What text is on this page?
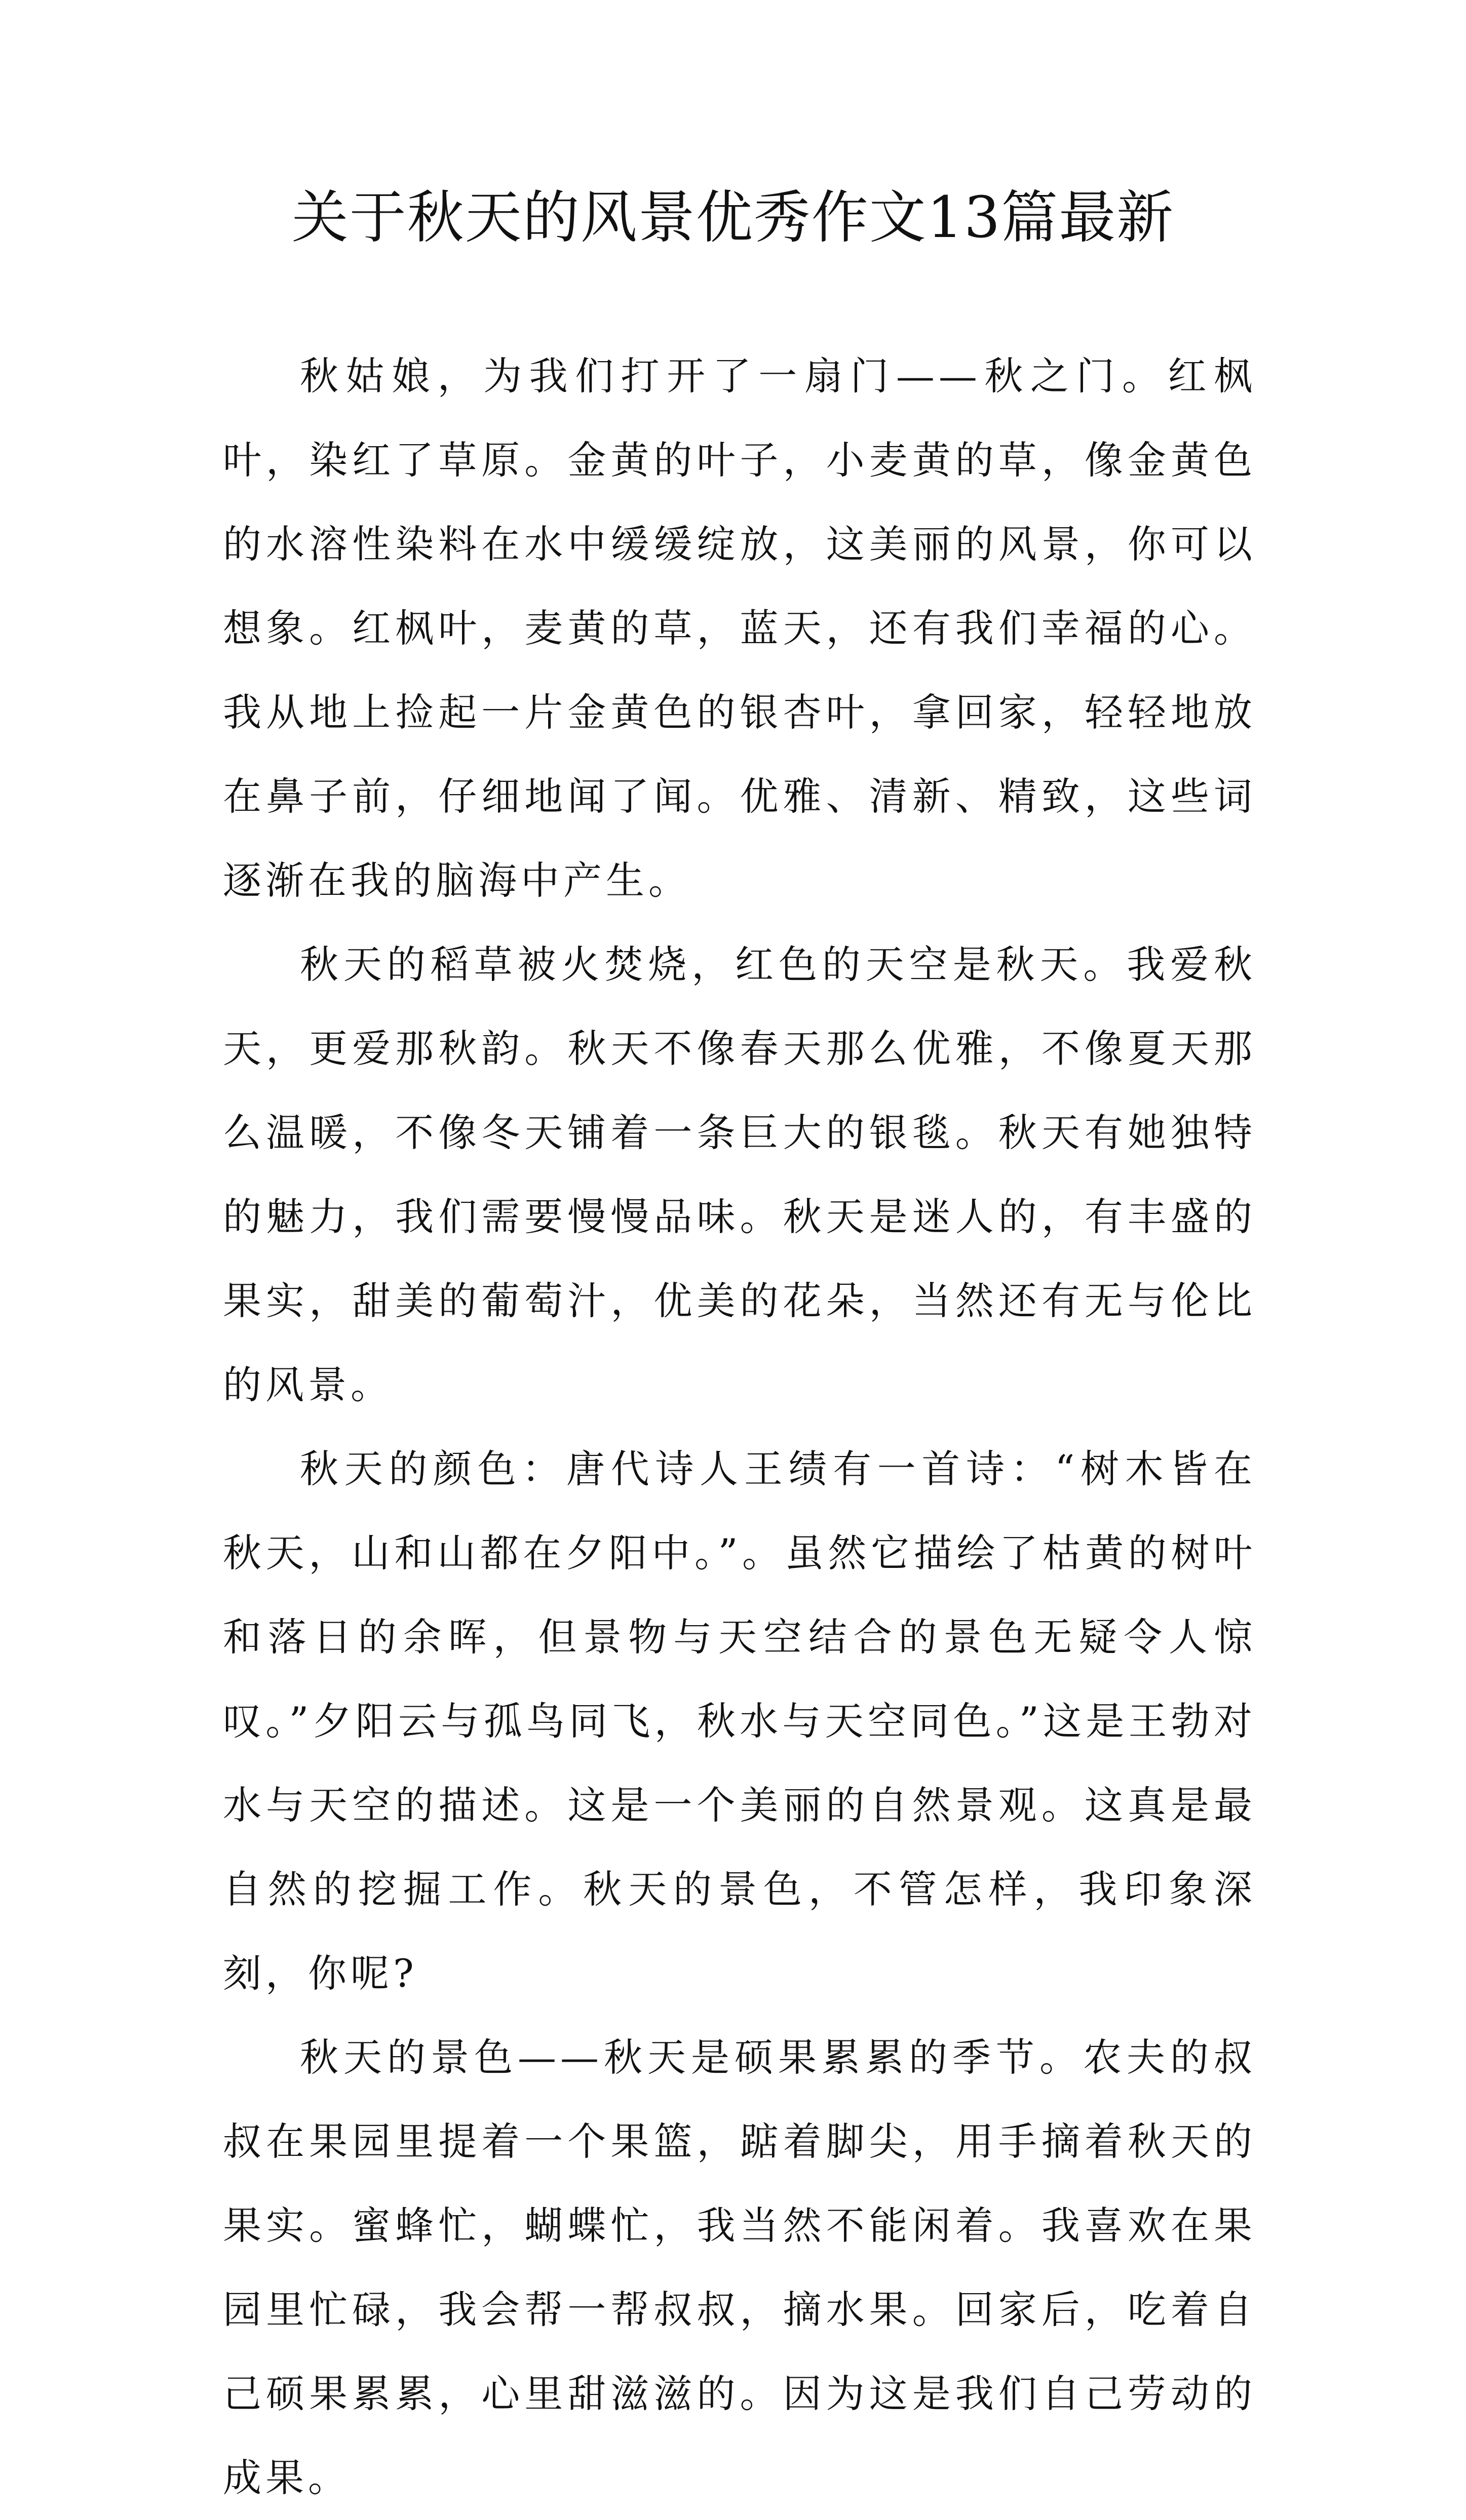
关于秋天的风景优秀作文13篇最新

秋姑娘，为我们打开了一扇门——秋之门。红枫叶，染红了草原。金黄的叶子，小麦黄的草，像金黄色的水溶性染料在水中缓缓绽放，这美丽的风景，你可以想象。红枫叶，麦黄的草，蓝天，还有我们幸福的心。我从地上捡起一片金黄色的银杏叶，拿回家，轻轻地放在鼻子前，仔细地闻了闻。优雅、清新、精致，这些词逐渐在我的脑海中产生。

秋天的稻草被火焚烧，红色的天空是秋天。我爱秋天，更爱那秋韵。秋天不像春天那么优雅，不像夏天那么温暖，不像冬天铺着一条巨大的银毯。秋天有她独特的魅力，我们需要慢慢品味。秋天是迷人的，有丰盛的果实，甜美的葡萄汁，优美的花朵，当然还有无与伦比的风景。

秋天的颜色：唐代诗人王绩有一首诗：“树木皆在秋天，山和山都在夕阳中。”。虽然它描绘了枯黄的树叶和落日的余晖，但景物与天空结合的景色无疑令人惊叹。”夕阳云与孤鸟同飞，秋水与天空同色。”这是王勃对水与天空的描述。这是一个美丽的自然景观。这真是最自然的挖掘工作。秋天的景色，不管怎样，我印象深刻，你呢?

秋天的景色——秋天是硕果累累的季节。农夫的叔叔在果园里提着一个果篮，踮着脚尖，用手摘着秋天的果实。蜜蜂忙，蝴蝶忙，我当然不能闲着。我喜欢在果园里忙碌，我会帮一帮叔叔，摘水果。回家后，吃着自己硕果累累，心里甜滋滋的。因为这是我们自己劳动的成果。
